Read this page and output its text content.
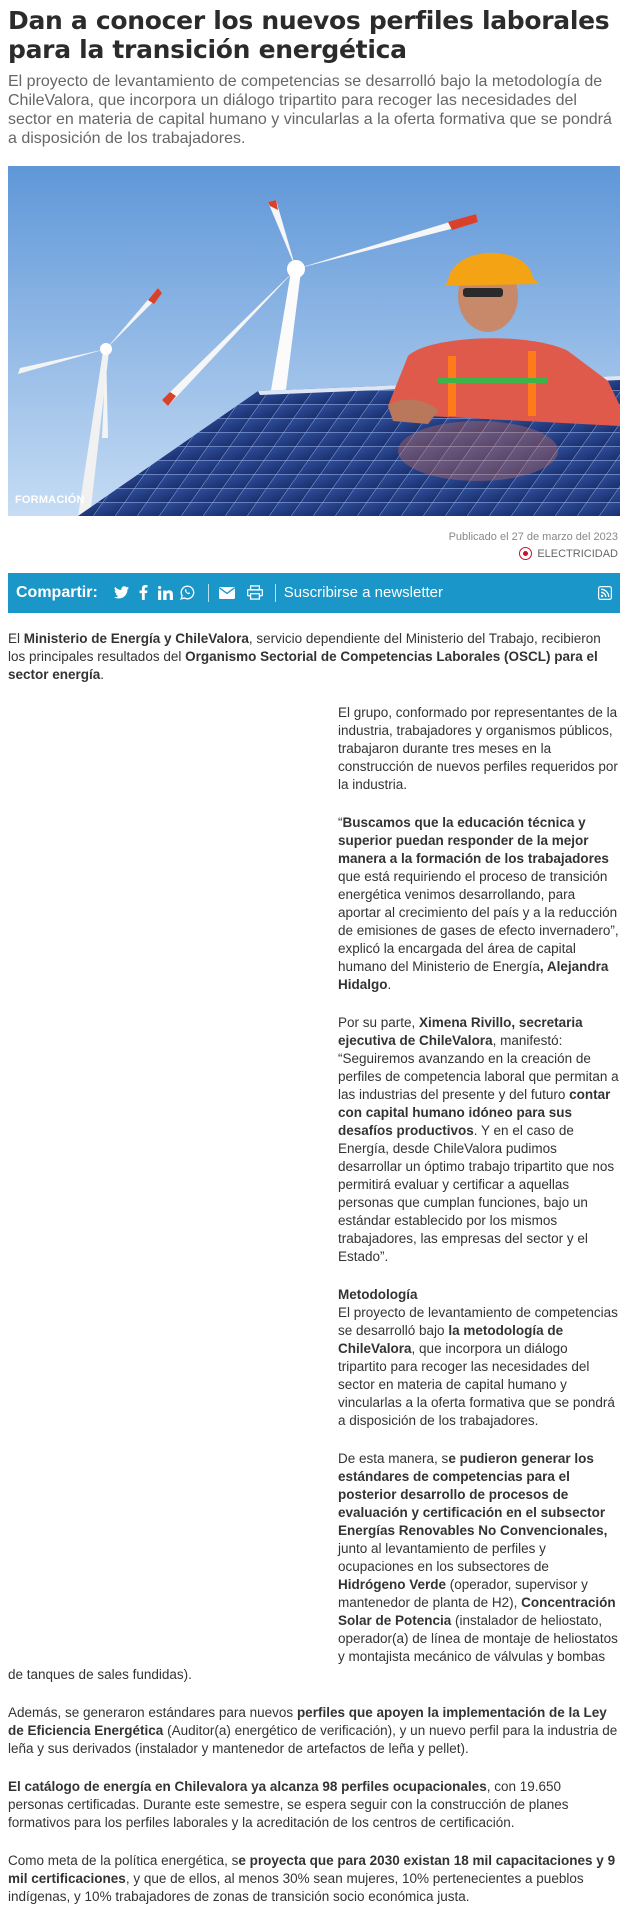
Dan a conocer los nuevos perfiles laborales para la transición energética

El proyecto de levantamiento de competencias se desarrolló bajo la metodología de ChileValora, que incorpora un diálogo tripartito para recoger las necesidades del sector en materia de capital humano y vincularlas a la oferta formativa que se pondrá a disposición de los trabajadores.

FORMACIÓN
Publicado el 27 de marzo del 2023
ELECTRICIDAD
Compartir:	Suscribirse a newsletter

El Ministerio de Energía y ChileValora, servicio dependiente del Ministerio del Trabajo, recibieron los principales resultados del Organismo Sectorial de Competencias Laborales (OSCL) para el sector energía.

El grupo, conformado por representantes de la industria, trabajadores y organismos públicos, trabajaron durante tres meses en la construcción de nuevos perfiles requeridos por la industria.

“Buscamos que la educación técnica y superior puedan responder de la mejor manera a la formación de los trabajadores que está requiriendo el proceso de transición energética venimos desarrollando, para aportar al crecimiento del país y a la reducción de emisiones de gases de efecto invernadero”, explicó la encargada del área de capital humano del Ministerio de Energía, Alejandra Hidalgo.

Por su parte, Ximena Rivillo, secretaria ejecutiva de ChileValora, manifestó: “Seguiremos avanzando en la creación de perfiles de competencia laboral que permitan a las industrias del presente y del futuro contar con capital humano idóneo para sus desafíos productivos. Y en el caso de Energía, desde ChileValora pudimos desarrollar un óptimo trabajo tripartito que nos permitirá evaluar y certificar a aquellas personas que cumplan funciones, bajo un estándar establecido por los mismos trabajadores, las empresas del sector y el Estado”.

Metodología
El proyecto de levantamiento de competencias se desarrolló bajo la metodología de ChileValora, que incorpora un diálogo tripartito para recoger las necesidades del sector en materia de capital humano y vincularlas a la oferta formativa que se pondrá a disposición de los trabajadores.

De esta manera, se pudieron generar los estándares de competencias para el posterior desarrollo de procesos de evaluación y certificación en el subsector Energías Renovables No Convencionales, junto al levantamiento de perfiles y ocupaciones en los subsectores de Hidrógeno Verde (operador, supervisor y mantenedor de planta de H2), Concentración Solar de Potencia (instalador de heliostato, operador(a) de línea de montaje de heliostatos y montajista mecánico de válvulas y bombas de tanques de sales fundidas).

Además, se generaron estándares para nuevos perfiles que apoyen la implementación de la Ley de Eficiencia Energética (Auditor(a) energético de verificación), y un nuevo perfil para la industria de leña y sus derivados (instalador y mantenedor de artefactos de leña y pellet).

El catálogo de energía en Chilevalora ya alcanza 98 perfiles ocupacionales, con 19.650 personas certificadas. Durante este semestre, se espera seguir con la construcción de planes formativos para los perfiles laborales y la acreditación de los centros de certificación.

Como meta de la política energética, se proyecta que para 2030 existan 18 mil capacitaciones y 9 mil certificaciones, y que de ellos, al menos 30% sean mujeres, 10% pertenecientes a pueblos indígenas, y 10% trabajadores de zonas de transición socio económica justa.
